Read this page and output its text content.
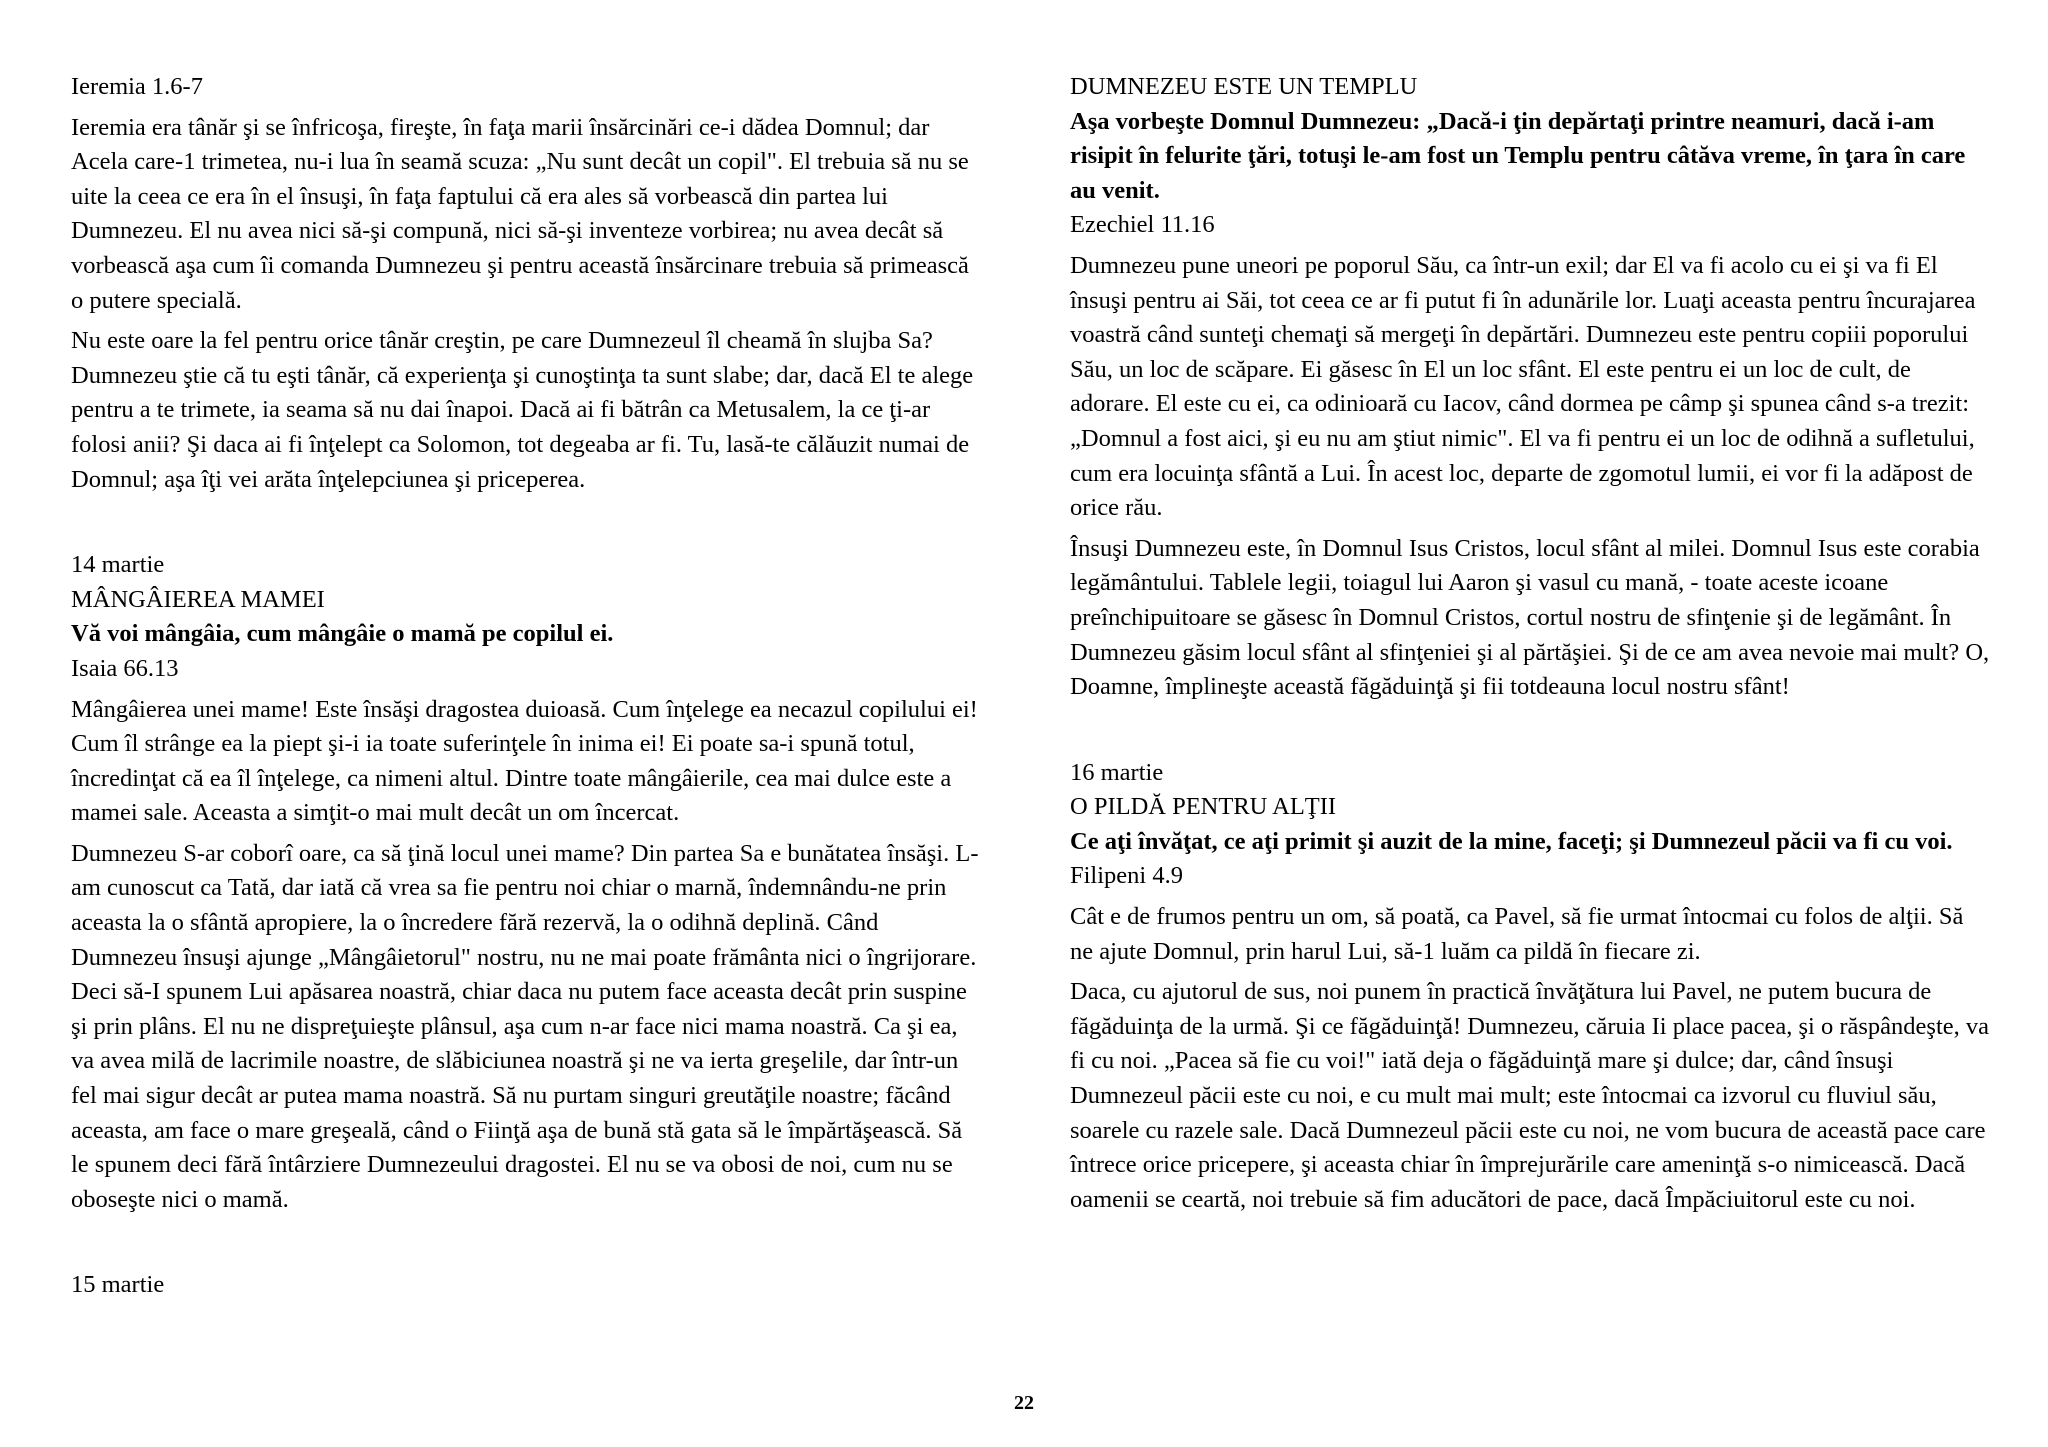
Ieremia 1.6-7

Ieremia era tânăr şi se înfricoşa, fireşte, în faţa marii însărcinări ce-i dădea Domnul; dar Acela care-1 trimetea, nu-i lua în seamă scuza: „Nu sunt decât un copil". El trebuia să nu se uite la ceea ce era în el însuşi, în faţa faptului că era ales să vorbească din partea lui Dumnezeu. El nu avea nici să-şi compună, nici să-şi inventeze vorbirea; nu avea decât să vorbească aşa cum îi comanda Dumnezeu şi pentru această însărcinare trebuia să primească o putere specială.

Nu este oare la fel pentru orice tânăr creştin, pe care Dumnezeul îl cheamă în slujba Sa? Dumnezeu ştie că tu eşti tânăr, că experienţa şi cunoştinţa ta sunt slabe; dar, dacă El te alege pentru a te trimete, ia seama să nu dai înapoi. Dacă ai fi bătrân ca Metusalem, la ce ţi-ar folosi anii? Şi daca ai fi înţelept ca Solomon, tot degeaba ar fi. Tu, lasă-te călăuzit numai de Domnul; aşa îţi vei arăta înţelepciunea şi priceperea.

14 martie

MÂNGÂIEREA MAMEI

Vă voi mângâia, cum mângâie o mamă pe copilul ei.

Isaia 66.13

Mângâierea unei mame! Este însăşi dragostea duioasă. Cum înţelege ea necazul copilului ei! Cum îl strânge ea la piept şi-i ia toate suferinţele în inima ei! Ei poate sa-i spună totul, încredinţat că ea îl înţelege, ca nimeni altul. Dintre toate mângâierile, cea mai dulce este a mamei sale. Aceasta a simţit-o mai mult decât un om încercat.

Dumnezeu S-ar coborî oare, ca să ţină locul unei mame? Din partea Sa e bunătatea însăşi. L-am cunoscut ca Tată, dar iată că vrea sa fie pentru noi chiar o marnă, îndemnându-ne prin aceasta la o sfântă apropiere, la o încredere fără rezervă, la o odihnă deplină. Când Dumnezeu însuşi ajunge „Mângâietorul" nostru, nu ne mai poate frământa nici o îngrijorare. Deci să-I spunem Lui apăsarea noastră, chiar daca nu putem face aceasta decât prin suspine şi prin plâns. El nu ne dispreţuieşte plânsul, aşa cum n-ar face nici mama noastră. Ca şi ea, va avea milă de lacrimile noastre, de slăbiciunea noastră şi ne va ierta greşelile, dar într-un fel mai sigur decât ar putea mama noastră. Să nu purtam singuri greutăţile noastre; făcând aceasta, am face o mare greşeală, când o Fiinţă aşa de bună stă gata să le împărtăşească. Să le spunem deci fără întârziere Dumnezeului dragostei. El nu se va obosi de noi, cum nu se oboseşte nici o mamă.

15 martie

DUMNEZEU ESTE UN TEMPLU

Aşa vorbeşte Domnul Dumnezeu: „Dacă-i ţin depărtaţi printre neamuri, dacă i-am risipit în felurite ţări, totuşi le-am fost un Templu pentru câtăva vreme, în ţara în care au venit.

Ezechiel 11.16

Dumnezeu pune uneori pe poporul Său, ca într-un exil; dar El va fi acolo cu ei şi va fi El însuşi pentru ai Săi, tot ceea ce ar fi putut fi în adunările lor. Luaţi aceasta pentru încurajarea voastră când sunteţi chemaţi să mergeţi în depărtări. Dumnezeu este pentru copiii poporului Său, un loc de scăpare. Ei găsesc în El un loc sfânt. El este pentru ei un loc de cult, de adorare. El este cu ei, ca odinioară cu Iacov, când dormea pe câmp şi spunea când s-a trezit: „Domnul a fost aici, şi eu nu am ştiut nimic". El va fi pentru ei un loc de odihnă a sufletului, cum era locuinţa sfântă a Lui. În acest loc, departe de zgomotul lumii, ei vor fi la adăpost de orice rău.

Însuşi Dumnezeu este, în Domnul Isus Cristos, locul sfânt al milei. Domnul Isus este corabia legământului. Tablele legii, toiagul lui Aaron şi vasul cu mană, - toate aceste icoane preînchipuitoare se găsesc în Domnul Cristos, cortul nostru de sfinţenie şi de legământ. În Dumnezeu găsim locul sfânt al sfinţeniei şi al părtăşiei. Şi de ce am avea nevoie mai mult? O, Doamne, împlineşte această făgăduinţă şi fii totdeauna locul nostru sfânt!

16 martie

O PILDĂ PENTRU ALŢII

Ce aţi învăţat, ce aţi primit şi auzit de la mine, faceţi; şi Dumnezeul păcii va fi cu voi.

Filipeni 4.9

Cât e de frumos pentru un om, să poată, ca Pavel, să fie urmat întocmai cu folos de alţii. Să ne ajute Domnul, prin harul Lui, să-1 luăm ca pildă în fiecare zi.

Daca, cu ajutorul de sus, noi punem în practică învăţătura lui Pavel, ne putem bucura de făgăduinţa de la urmă. Şi ce făgăduinţă! Dumnezeu, căruia Ii place pacea, şi o răspândeşte, va fi cu noi. „Pacea să fie cu voi!" iată deja o făgăduinţă mare şi dulce; dar, când însuşi Dumnezeul păcii este cu noi, e cu mult mai mult; este întocmai ca izvorul cu fluviul său, soarele cu razele sale. Dacă Dumnezeul păcii este cu noi, ne vom bucura de această pace care întrece orice pricepere, şi aceasta chiar în împrejurările care ameninţă s-o nimicească. Dacă oamenii se ceartă, noi trebuie să fim aducători de pace, dacă Împăciuitorul este cu noi.

22
